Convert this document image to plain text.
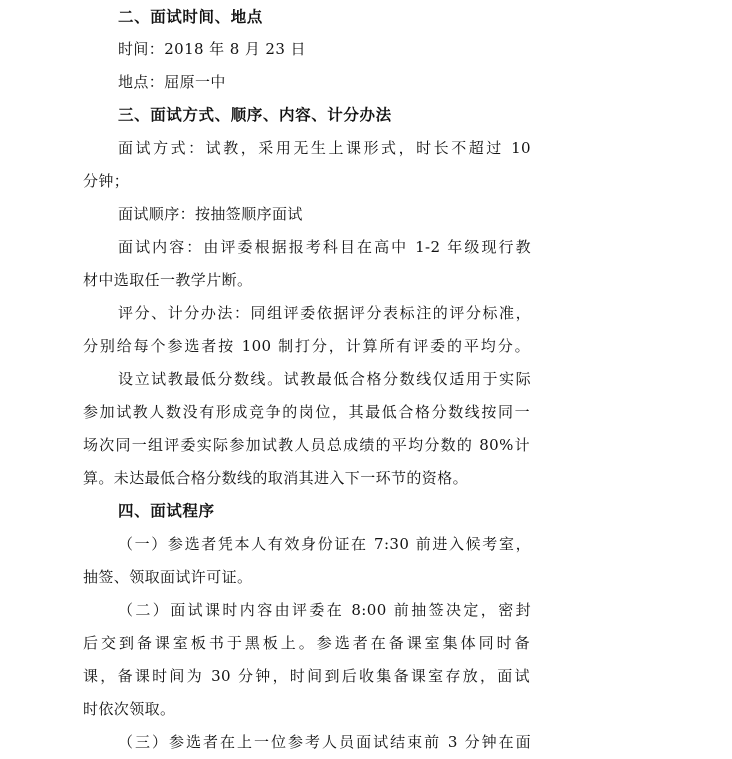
二、面试时间、地点
时间：2018 年 8 月 23 日
地点：屈原一中
三、面试方式、顺序、内容、计分办法
面试方式：试教，采用无生上课形式，时长不超过 10
分钟；
面试顺序：按抽签顺序面试
面试内容：由评委根据报考科目在高中 1-2 年级现行教
材中选取任一教学片断。
评分、计分办法：同组评委依据评分表标注的评分标准，
分别给每个参选者按 100 制打分，计算所有评委的平均分。
设立试教最低分数线。试教最低合格分数线仅适用于实际
参加试教人数没有形成竞争的岗位，其最低合格分数线按同一
场次同一组评委实际参加试教人员总成绩的平均分数的 80%计
算。未达最低合格分数线的取消其进入下一环节的资格。
四、面试程序
（一）参选者凭本人有效身份证在 7:30 前进入候考室，
抽签、领取面试许可证。
（二）面试课时内容由评委在 8:00 前抽签决定，密封
后交到备课室板书于黑板上。参选者在备课室集体同时备
课，备课时间为 30 分钟，时间到后收集备课室存放，面试
时依次领取。
（三）参选者在上一位参考人员面试结束前 3 分钟在面
